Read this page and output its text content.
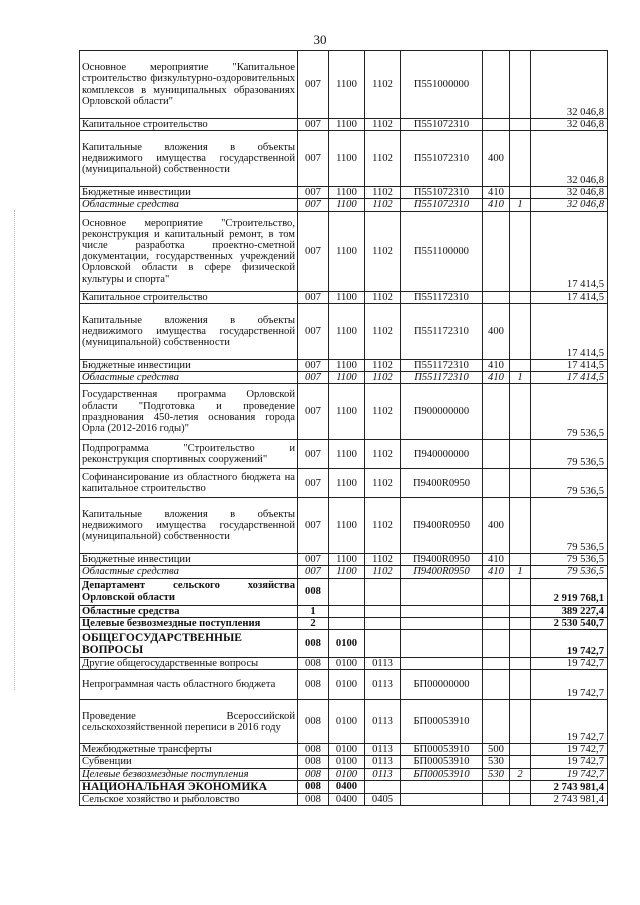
30
Основное мероприятие "Капитальное строительство физкультурно-оздоровительных комплексов в муниципальных образованиях Орловской области"	007	1100	1102	П551000000			32 046,8
Капитальное строительство	007	1100	1102	П551072310			32 046,8
Капитальные вложения в объекты недвижимого имущества государственной (муниципальной) собственности	007	1100	1102	П551072310	400		32 046,8
Бюджетные инвестиции	007	1100	1102	П551072310	410		32 046,8
Областные средства	007	1100	1102	П551072310	410	1	32 046,8
Основное мероприятие "Строительство, реконструкция и капитальный ремонт, в том числе разработка проектно-сметной документации, государственных учреждений Орловской области в сфере физической культуры и спорта"	007	1100	1102	П551100000			17 414,5
Капитальное строительство	007	1100	1102	П551172310			17 414,5
Капитальные вложения в объекты недвижимого имущества государственной (муниципальной) собственности	007	1100	1102	П551172310	400		17 414,5
Бюджетные инвестиции	007	1100	1102	П551172310	410		17 414,5
Областные средства	007	1100	1102	П551172310	410	1	17 414,5
Государственная программа Орловской области "Подготовка и проведение празднования 450-летия основания города Орла (2012-2016 годы)"	007	1100	1102	П900000000			79 536,5
Подпрограмма "Строительство и реконструкция спортивных сооружений"	007	1100	1102	П940000000			79 536,5
Софинансирование из областного бюджета на капитальное строительство	007	1100	1102	П9400R0950			79 536,5
Капитальные вложения в объекты недвижимого имущества государственной (муниципальной) собственности	007	1100	1102	П9400R0950	400		79 536,5
Бюджетные инвестиции	007	1100	1102	П9400R0950	410		79 536,5
Областные средства	007	1100	1102	П9400R0950	410	1	79 536,5
Департамент сельского хозяйства Орловской области	008						2 919 768,1
Областные средства	1						389 227,4
Целевые безвозмездные поступления	2						2 530 540,7
ОБЩЕГОСУДАРСТВЕННЫЕ ВОПРОСЫ	008	0100					19 742,7
Другие общегосударственные вопросы	008	0100	0113				19 742,7
Непрограммная часть областного бюджета	008	0100	0113	БП00000000			19 742,7
Проведение Всероссийской сельскохозяйственной переписи в 2016 году	008	0100	0113	БП00053910			19 742,7
Межбюджетные трансферты	008	0100	0113	БП00053910	500		19 742,7
Субвенции	008	0100	0113	БП00053910	530		19 742,7
Целевые безвозмездные поступления	008	0100	0113	БП00053910	530	2	19 742,7
НАЦИОНАЛЬНАЯ ЭКОНОМИКА	008	0400					2 743 981,4
Сельское хозяйство и рыболовство	008	0400	0405				2 743 981,4
